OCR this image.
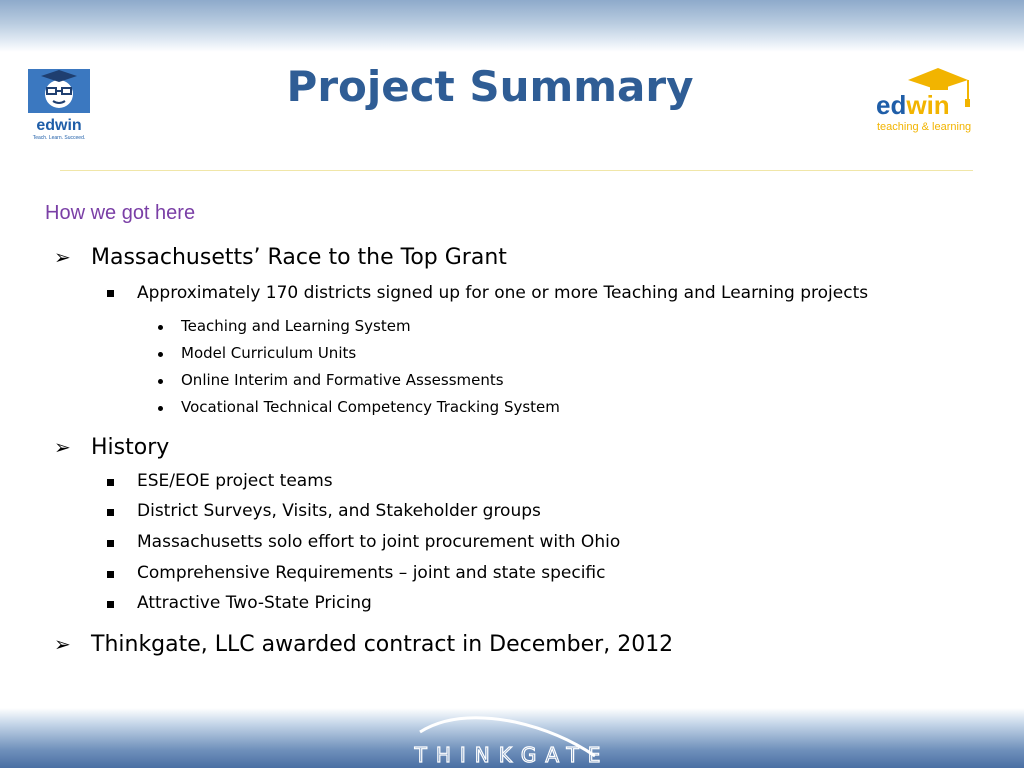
edwin
Teach. Learn. Succeed.
Project Summary	edwin
teaching & learning
How we got here
➢ Massachusetts’ Race to the Top Grant
Approximately 170 districts signed up for one or more Teaching and Learning projects
Teaching and Learning System
Model Curriculum Units
Online Interim and Formative Assessments
Vocational Technical Competency Tracking System
➢ History
ESE/EOE project teams
District Surveys, Visits, and Stakeholder groups
Massachusetts solo effort to joint procurement with Ohio
Comprehensive Requirements – joint and state specific
Attractive Two-State Pricing
➢ Thinkgate, LLC awarded contract in December, 2012
THINKGATE
